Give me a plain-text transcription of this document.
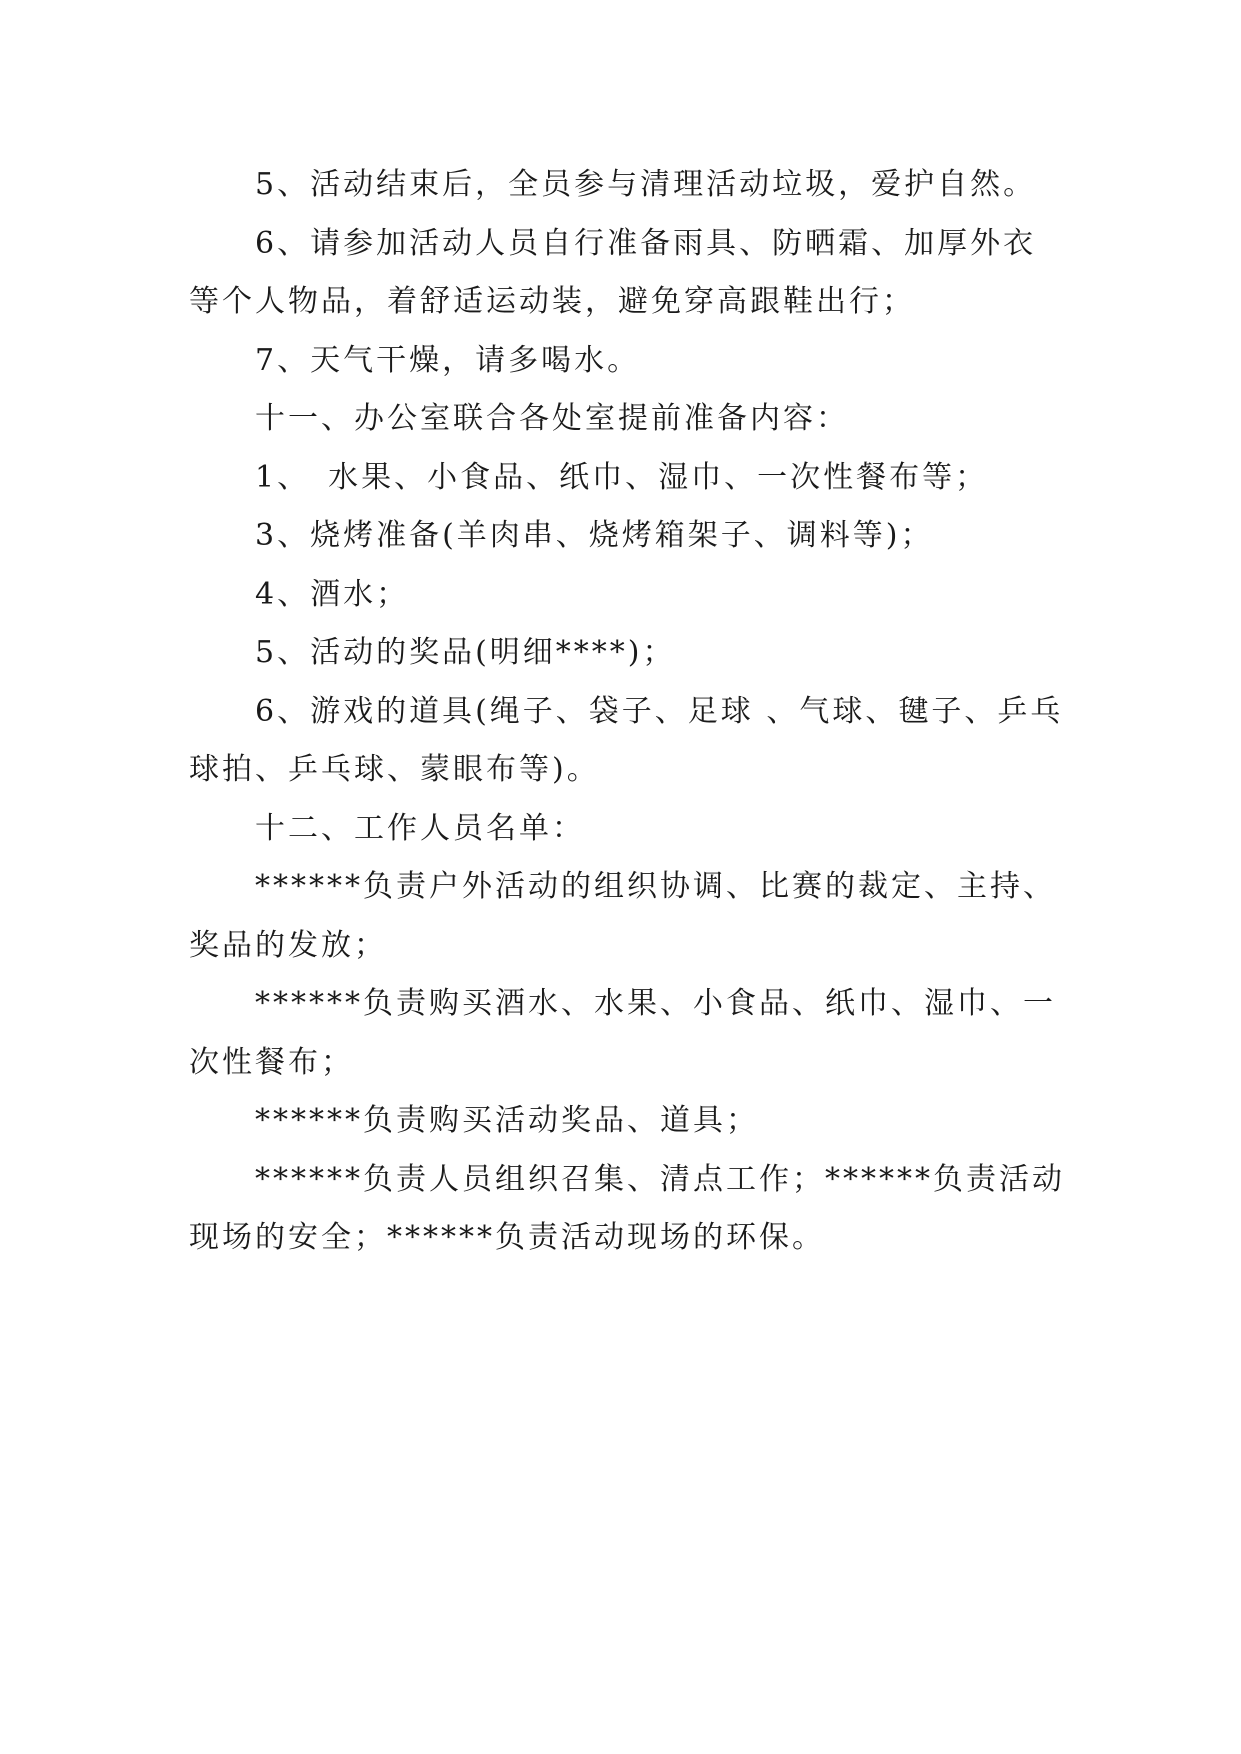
5、活动结束后，全员参与清理活动垃圾，爱护自然。

6、请参加活动人员自行准备雨具、防晒霜、加厚外衣等个人物品，着舒适运动装，避免穿高跟鞋出行；

7、天气干燥，请多喝水。

十一、办公室联合各处室提前准备内容：

1、　水果、小食品、纸巾、湿巾、一次性餐布等；

3、烧烤准备(羊肉串、烧烤箱架子、调料等)；

4、酒水；

5、活动的奖品(明细****)；

6、游戏的道具(绳子、袋子、足球 、气球、毽子、乒乓球拍、乒乓球、蒙眼布等)。

十二、工作人员名单：

******负责户外活动的组织协调、比赛的裁定、主持、奖品的发放；

******负责购买酒水、水果、小食品、纸巾、湿巾、一次性餐布；

******负责购买活动奖品、道具；

******负责人员组织召集、清点工作；******负责活动现场的安全；******负责活动现场的环保。
